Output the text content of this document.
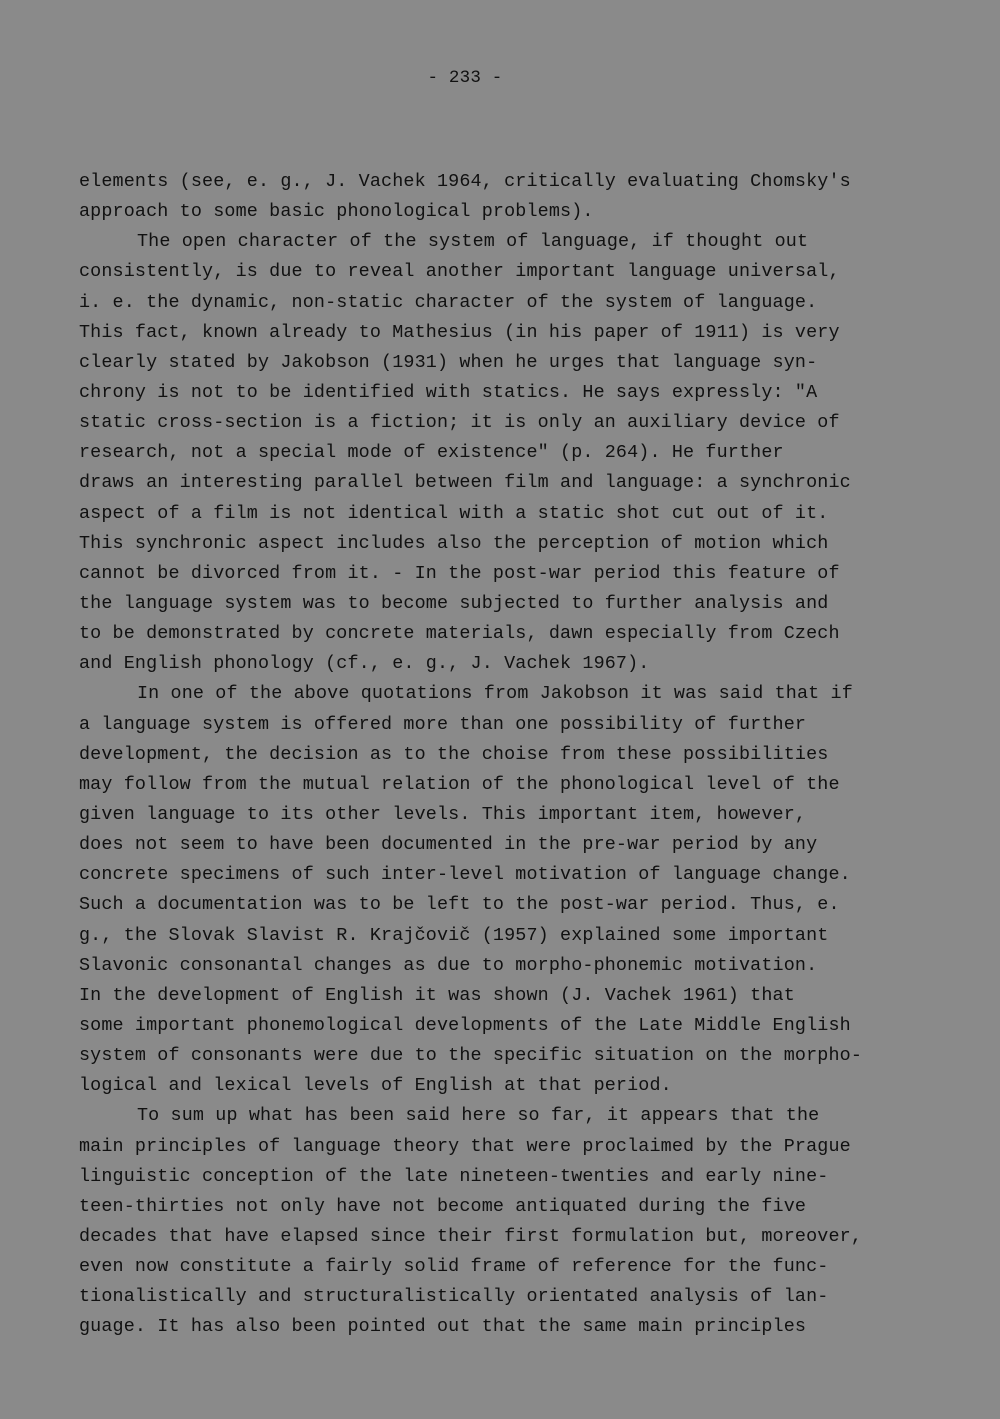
- 233 -
elements (see, e. g., J. Vachek 1964, critically evaluating Chomsky's
approach to some basic phonological problems).
The open character of the system of language, if thought out
consistently, is due to reveal another important language universal,
i. e. the dynamic, non-static character of the system of language.
This fact, known already to Mathesius (in his paper of 1911) is very
clearly stated by Jakobson (1931) when he urges that language syn-
chrony is not to be identified with statics. He says expressly: "A
static cross-section is a fiction; it is only an auxiliary device of
research, not a special mode of existence" (p. 264). He further
draws an interesting parallel between film and language: a synchronic
aspect of a film is not identical with a static shot cut out of it.
This synchronic aspect includes also the perception of motion which
cannot be divorced from it. - In the post-war period this feature of
the language system was to become subjected to further analysis and
to be demonstrated by concrete materials, dawn especially from Czech
and English phonology (cf., e. g., J. Vachek 1967).
In one of the above quotations from Jakobson it was said that if
a language system is offered more than one possibility of further
development, the decision as to the choise from these possibilities
may follow from the mutual relation of the phonological level of the
given language to its other levels. This important item, however,
does not seem to have been documented in the pre-war period by any
concrete specimens of such inter-level motivation of language change.
Such a documentation was to be left to the post-war period. Thus, e.
g., the Slovak Slavist R. Krajčovič (1957) explained some important
Slavonic consonantal changes as due to morpho-phonemic motivation.
In the development of English it was shown (J. Vachek 1961) that
some important phonemological developments of the Late Middle English
system of consonants were due to the specific situation on the morpho-
logical and lexical levels of English at that period.
To sum up what has been said here so far, it appears that the
main principles of language theory that were proclaimed by the Prague
linguistic conception of the late nineteen-twenties and early nine-
teen-thirties not only have not become antiquated during the five
decades that have elapsed since their first formulation but, moreover,
even now constitute a fairly solid frame of reference for the func-
tionalistically and structuralistically orientated analysis of lan-
guage. It has also been pointed out that the same main principles
